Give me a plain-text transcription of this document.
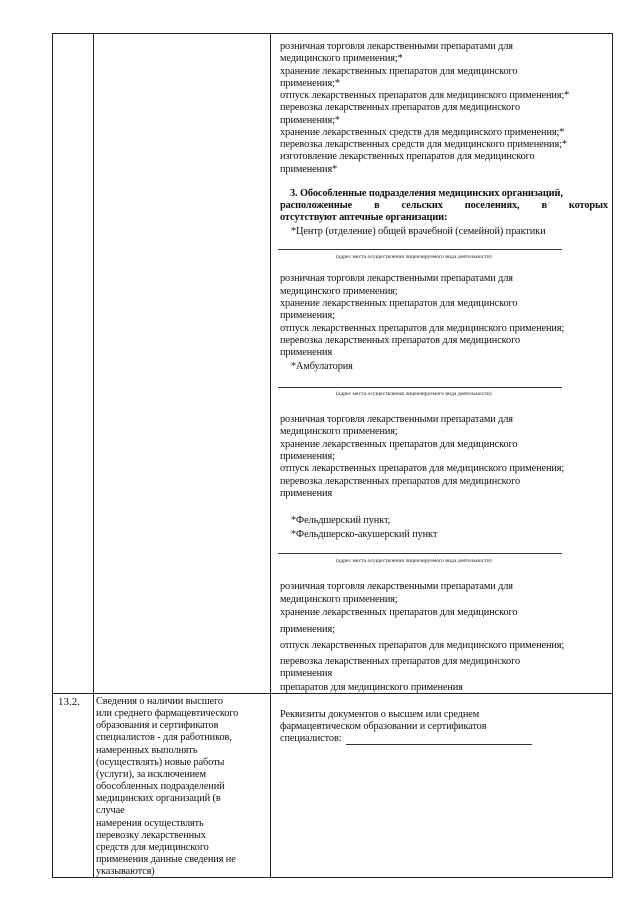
розничная торговля лекарственными препаратами для
медицинского применения;*
хранение лекарственных препаратов для медицинского
применения;*
отпуск лекарственных препаратов для медицинского применения;*
перевозка лекарственных препаратов для медицинского
применения;*
хранение лекарственных средств для медицинского применения;*
перевозка лекарственных средств для медицинского применения;*
изготовление лекарственных препаратов для медицинского
применения*
3. Обособленные подразделения медицинских организаций,
расположенные в сельских поселениях, в которых
отсутствуют аптечные организации:
*Центр (отделение) общей врачебной (семейной) практики
(адрес места осуществления лицензируемого вида деятельности)
розничная торговля лекарственными препаратами для
медицинского применения;
хранение лекарственных препаратов для медицинского
применения;
отпуск лекарственных препаратов для медицинского применения;
перевозка лекарственных препаратов для медицинского
применения
*Амбулатория
(адрес места осуществления лицензируемого вида деятельности)
розничная торговля лекарственными препаратами для
медицинского применения;
хранение лекарственных препаратов для медицинского
применения;
отпуск лекарственных препаратов для медицинского применения;
перевозка лекарственных препаратов для медицинского
применения
*Фельдшерский пункт,
*Фельдшерско-акушерский пункт
(адрес места осуществления лицензируемого вида деятельности)
розничная торговля лекарственными препаратами для
медицинского применения;
хранение лекарственных препаратов для медицинского
применения;
отпуск лекарственных препаратов для медицинского применения;
перевозка лекарственных препаратов для медицинского
применения
препаратов для медицинского применения
13.2. Сведения о наличии высшего
или среднего фармацевтического
образования и сертификатов
специалистов - для работников,
намеренных выполнять
(осуществлять) новые работы
(услуги), за исключением
обособленных подразделений
медицинских организаций (в
случае
намерения осуществлять
перевозку лекарственных
средств для медицинского
применения данные сведения не
указываются)
Реквизиты документов о высшем или среднем
фармацевтическом образовании и сертификатов
специалистов:
